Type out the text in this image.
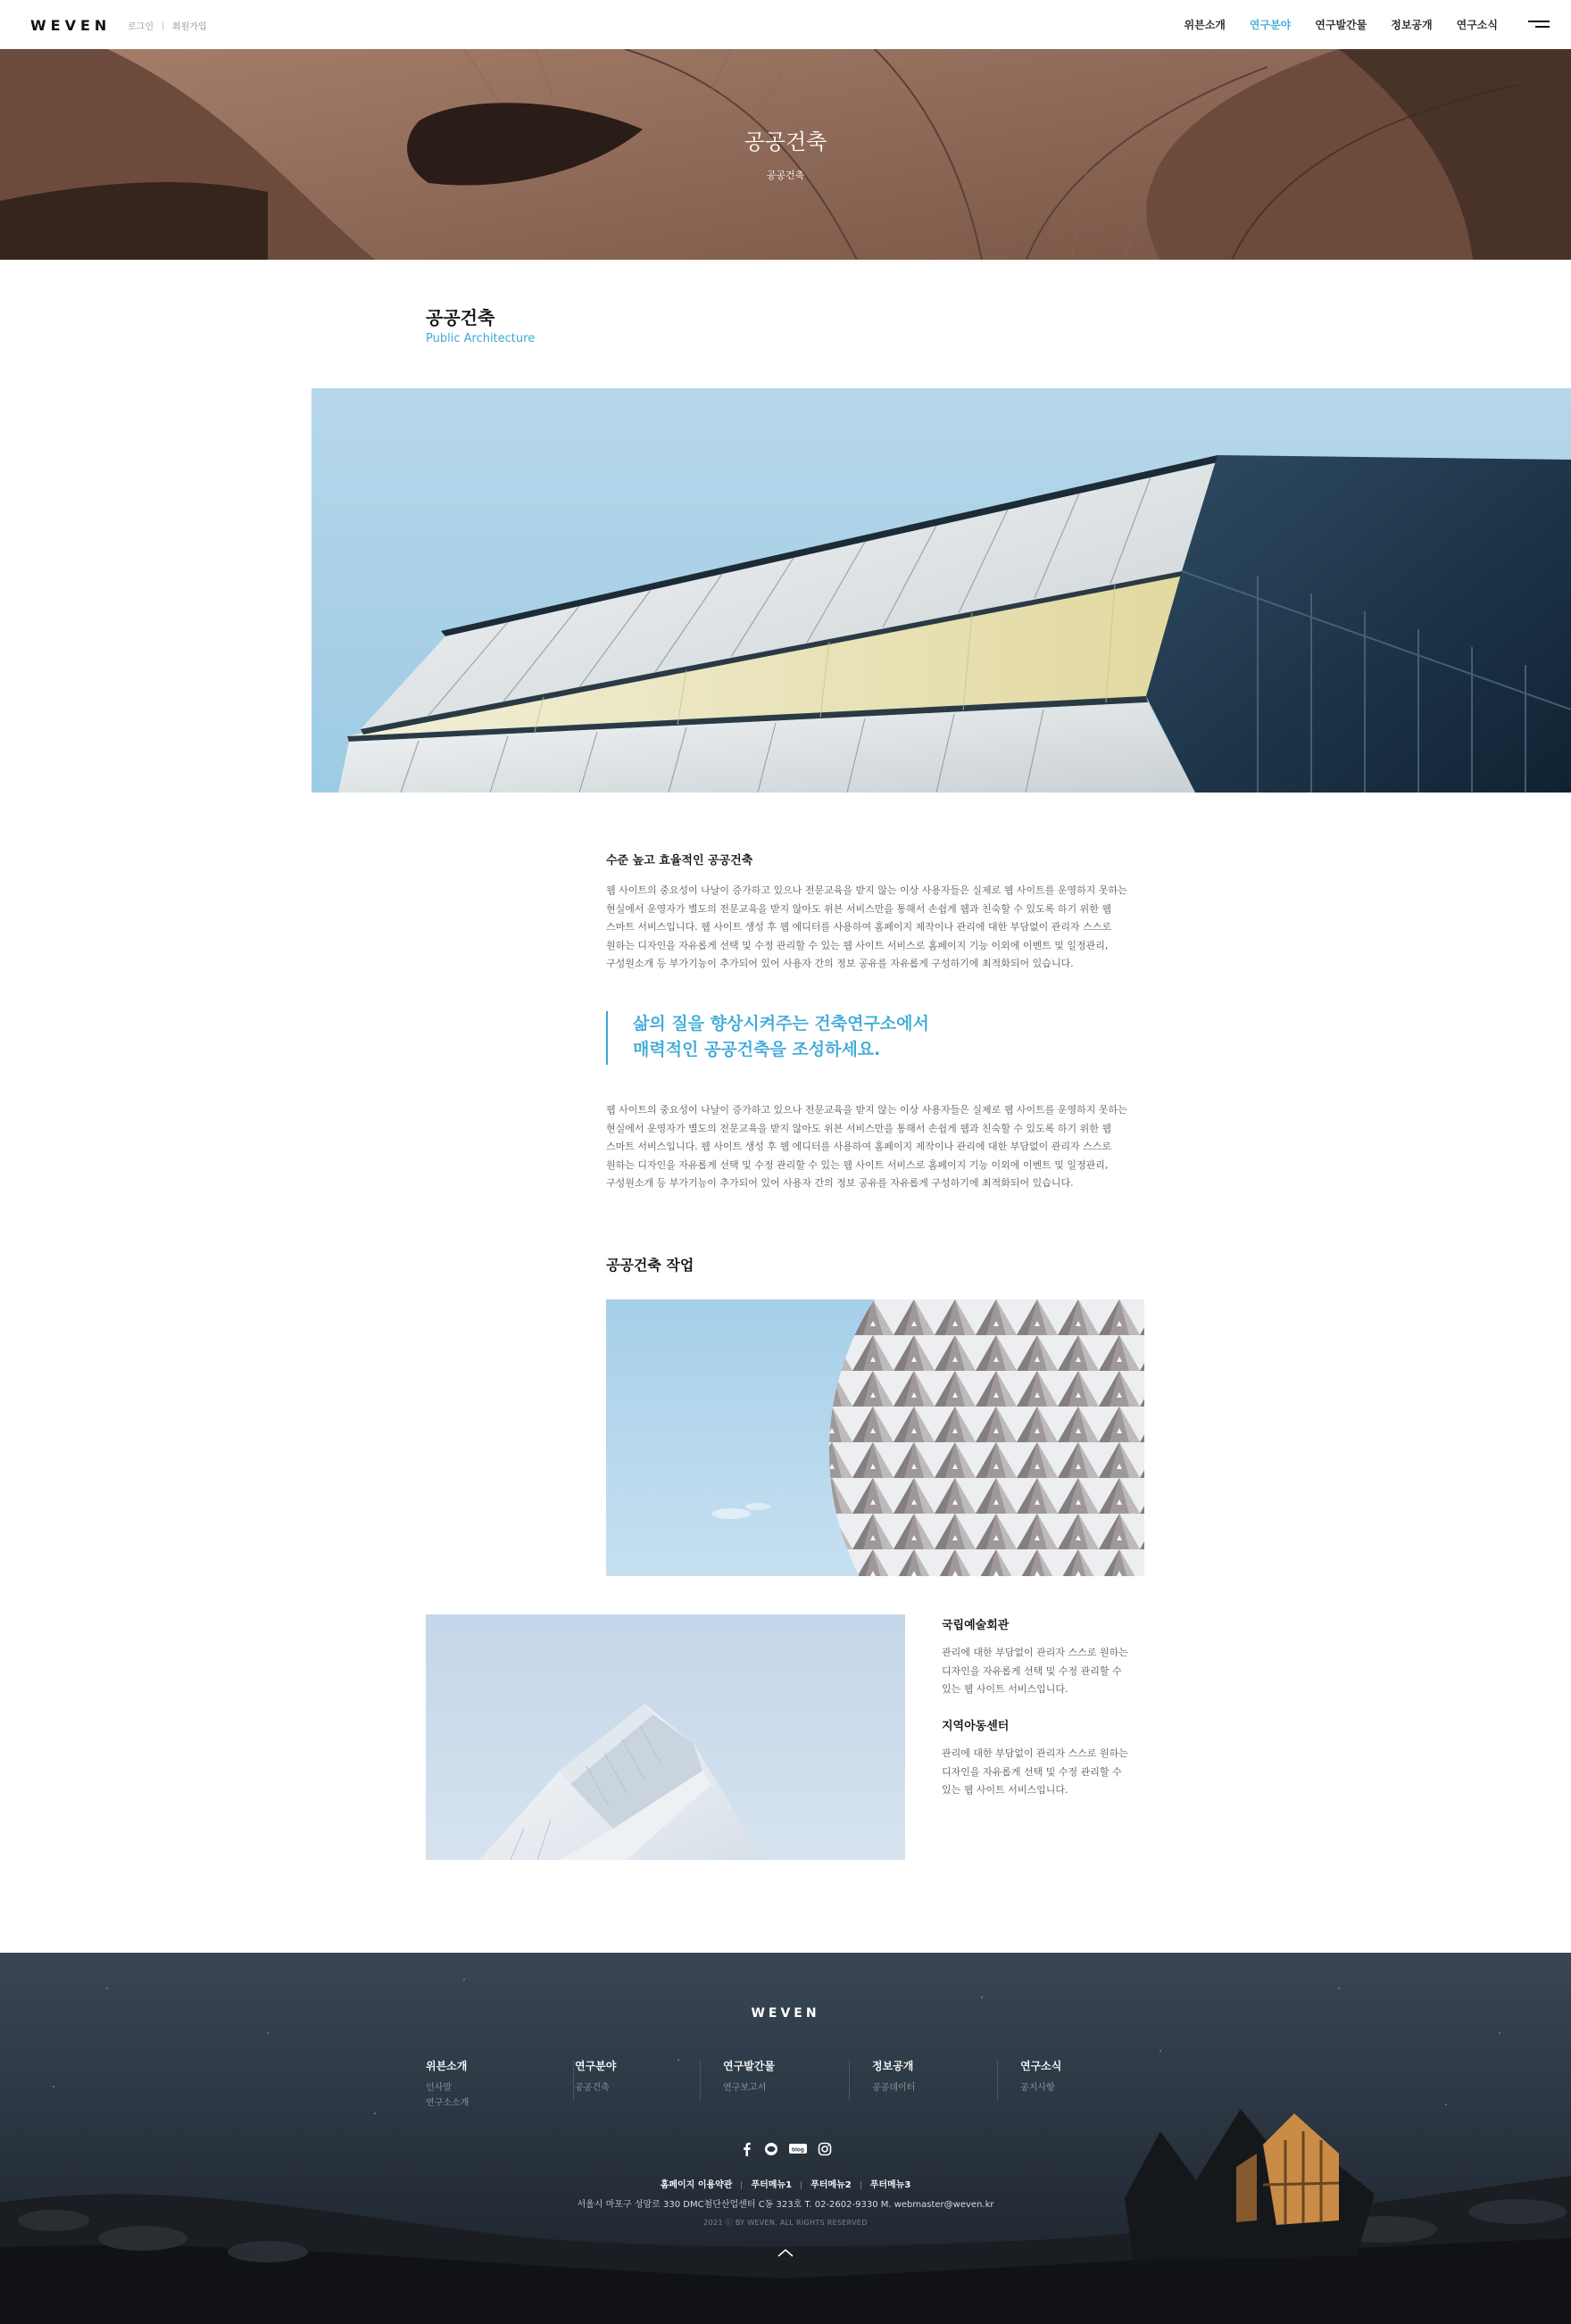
WEVEN 로그인 회원가입	위븐소개 연구분야 연구발간물 정보공개 연구소식
공공건축
공공건축
공공건축
Public Architecture
수준 높고 효율적인 공공건축
웹 사이트의 중요성이 나날이 증가하고 있으나 전문교육을 받지 않는 이상 사용자들은 실제로 웹 사이트를 운영하지 못하는
현실에서 운영자가 별도의 전문교육을 받지 않아도 위븐 서비스만을 통해서 손쉽게 웹과 친숙할 수 있도록 하기 위한 웹
스마트 서비스입니다. 웹 사이트 생성 후 웹 에디터를 사용하여 홈페이지 제작이나 관리에 대한 부담없이 관리자 스스로
원하는 디자인을 자유롭게 선택 및 수정 관리할 수 있는 웹 사이트 서비스로 홈페이지 기능 이외에 이벤트 및 일정관리,
구성원소개 등 부가기능이 추가되어 있어 사용자 간의 정보 공유를 자유롭게 구성하기에 최적화되어 있습니다.
삶의 질을 향상시켜주는 건축연구소에서
매력적인 공공건축을 조성하세요.
웹 사이트의 중요성이 나날이 증가하고 있으나 전문교육을 받지 않는 이상 사용자들은 실제로 웹 사이트를 운영하지 못하는
현실에서 운영자가 별도의 전문교육을 받지 않아도 위븐 서비스만을 통해서 손쉽게 웹과 친숙할 수 있도록 하기 위한 웹
스마트 서비스입니다. 웹 사이트 생성 후 웹 에디터를 사용하여 홈페이지 제작이나 관리에 대한 부담없이 관리자 스스로
원하는 디자인을 자유롭게 선택 및 수정 관리할 수 있는 웹 사이트 서비스로 홈페이지 기능 이외에 이벤트 및 일정관리,
구성원소개 등 부가기능이 추가되어 있어 사용자 간의 정보 공유를 자유롭게 구성하기에 최적화되어 있습니다.
공공건축 작업
국립예술회관

관리에 대한 부담없이 관리자 스스로 원하는
디자인을 자유롭게 선택 및 수정 관리할 수
있는 웹 사이트 서비스입니다.

지역아동센터

관리에 대한 부담없이 관리자 스스로 원하는
디자인을 자유롭게 선택 및 수정 관리할 수
있는 웹 사이트 서비스입니다.

WEVEN
위븐소개
인사말
연구소소개
연구분야
공공건축
연구발간물
연구보고서
정보공개
공공데이터
연구소식
공지사항
blog
홈페이지 이용약관 푸터메뉴1 푸터메뉴2 푸터메뉴3
서울시 마포구 성암로 330 DMC첨단산업센터 C동 323호 T. 02-2602-9330 M. webmaster@weven.kr
2021 ⓒ BY WEVEN. ALL RIGHTS RESERVED
